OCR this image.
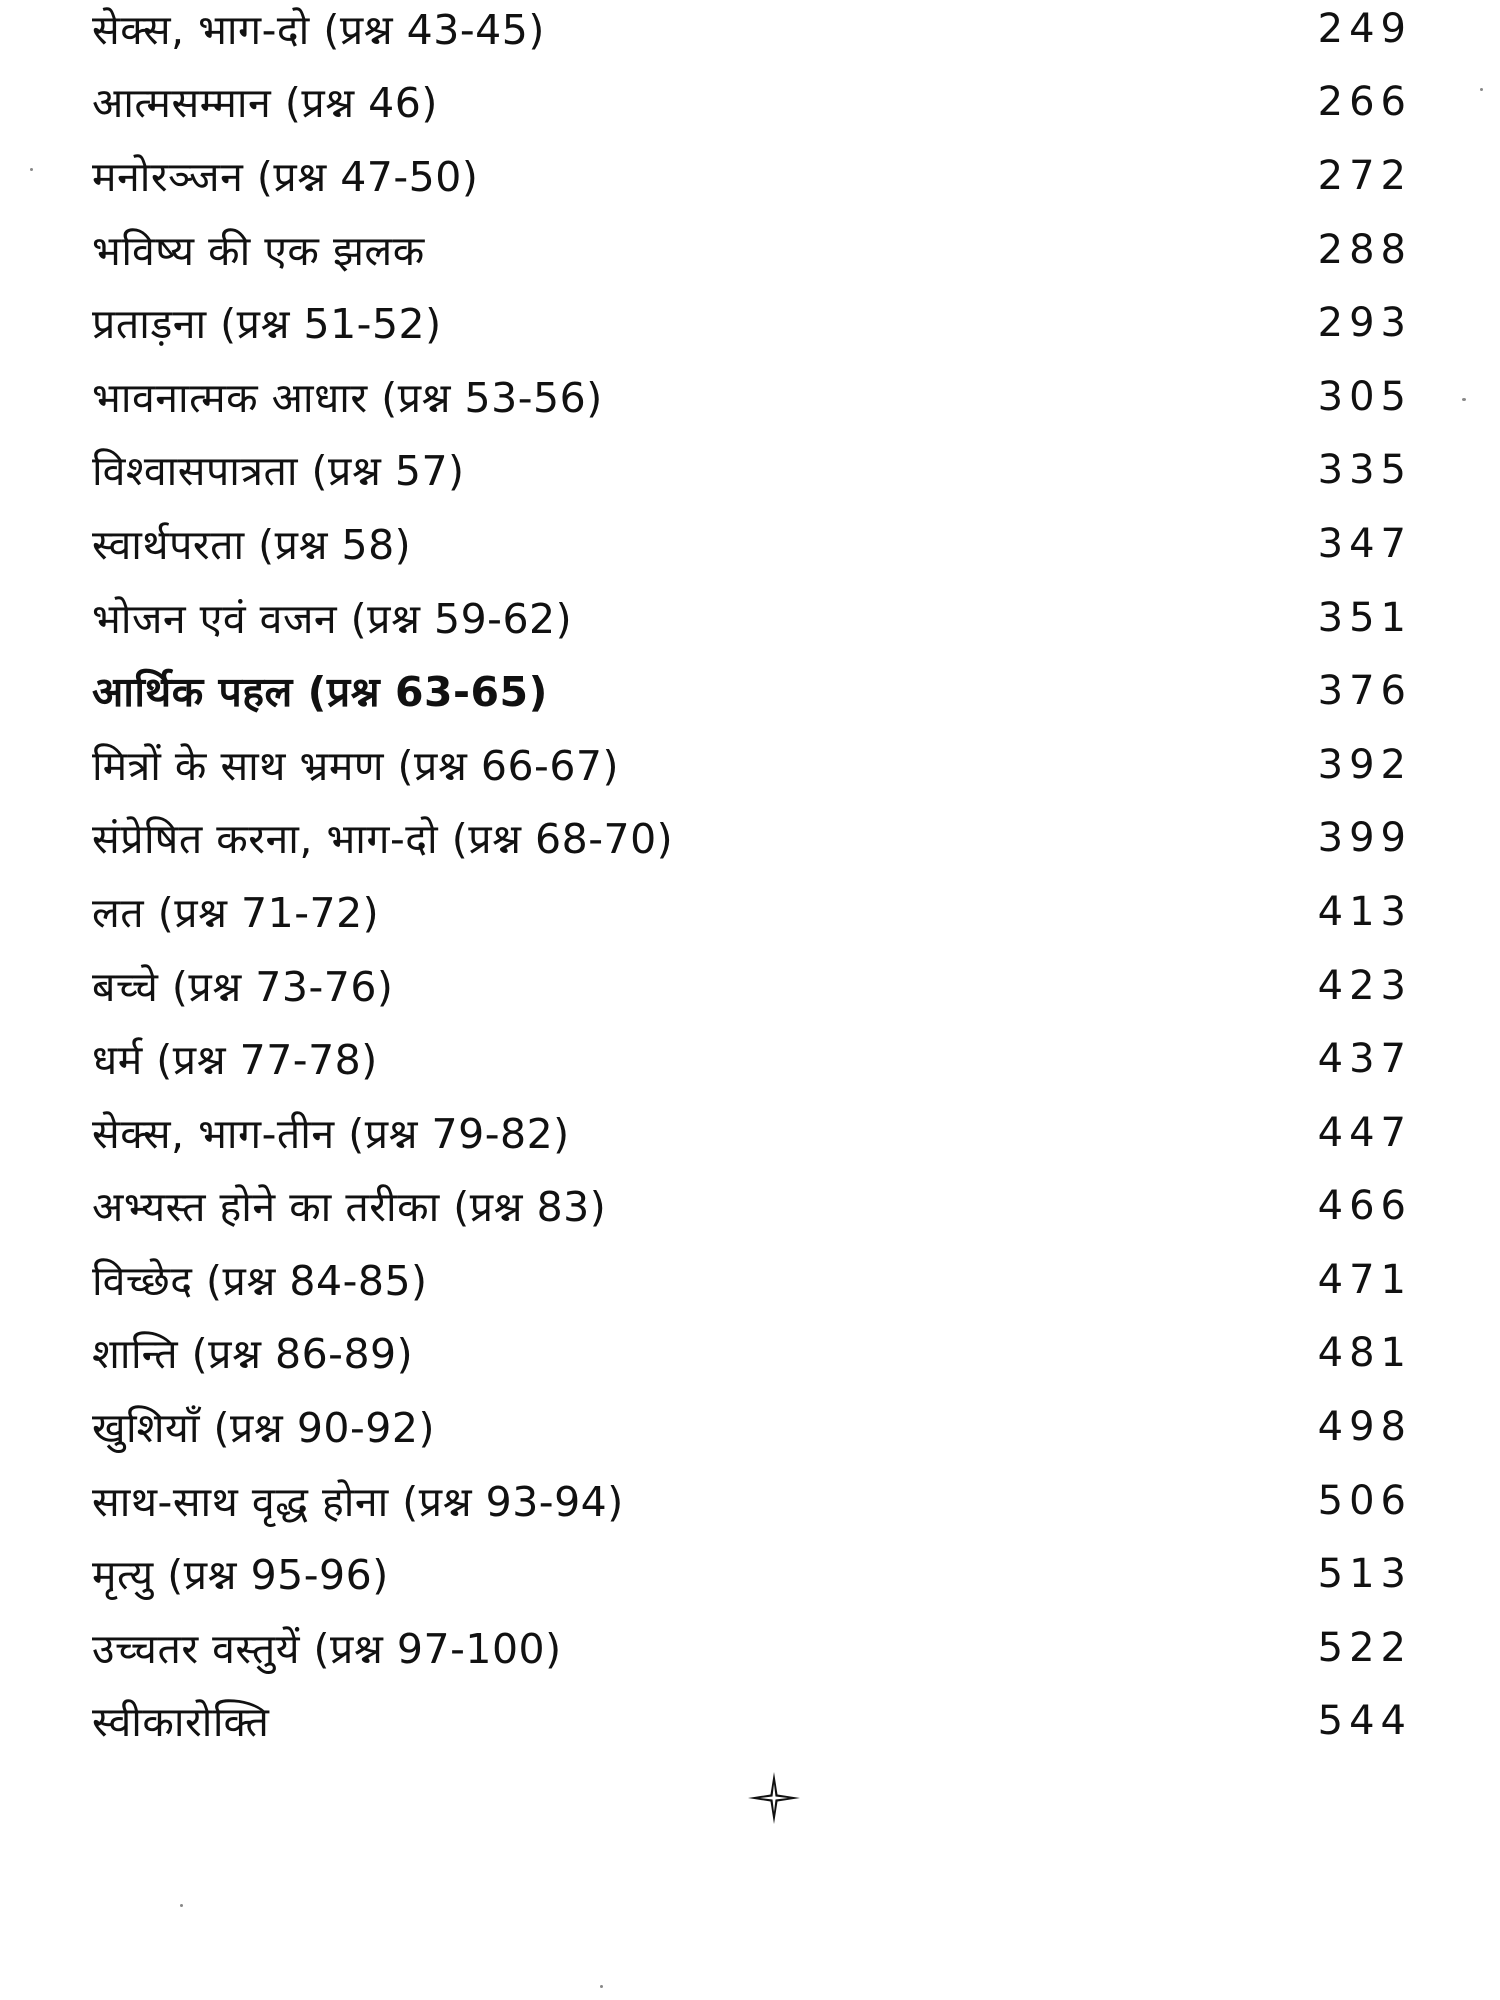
सेक्स, भाग-दो (प्रश्न 43-45)	249
आत्मसम्मान (प्रश्न 46)	266
मनोरञ्जन (प्रश्न 47-50)	272
भविष्य की एक झलक	288
प्रताड़ना (प्रश्न 51-52)	293
भावनात्मक आधार (प्रश्न 53-56)	305
विश्वासपात्रता (प्रश्न 57)	335
स्वार्थपरता (प्रश्न 58)	347
भोजन एवं वजन (प्रश्न 59-62)	351
आर्थिक पहल (प्रश्न 63-65)	376
मित्रों के साथ भ्रमण (प्रश्न 66-67)	392
संप्रेषित करना, भाग-दो (प्रश्न 68-70)	399
लत (प्रश्न 71-72)	413
बच्चे (प्रश्न 73-76)	423
धर्म (प्रश्न 77-78)	437
सेक्स, भाग-तीन (प्रश्न 79-82)	447
अभ्यस्त होने का तरीका (प्रश्न 83)	466
विच्छेद (प्रश्न 84-85)	471
शान्ति (प्रश्न 86-89)	481
खुशियाँ (प्रश्न 90-92)	498
साथ-साथ वृद्ध होना (प्रश्न 93-94)	506
मृत्यु (प्रश्न 95-96)	513
उच्चतर वस्तुयें (प्रश्न 97-100)	522
स्वीकारोक्ति	544
